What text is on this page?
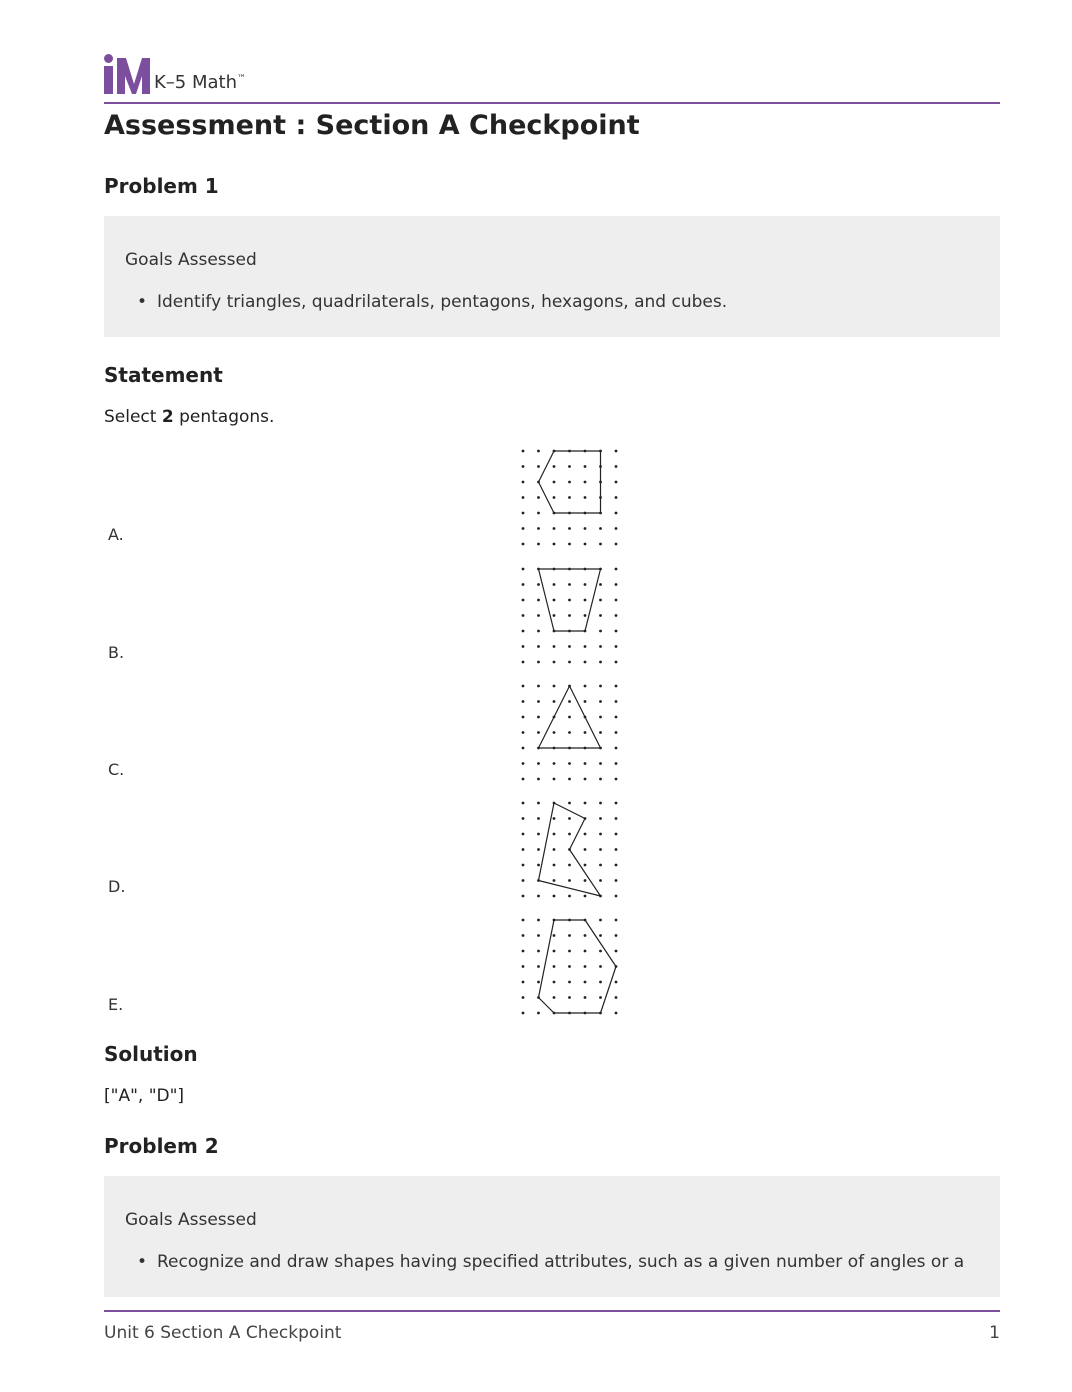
K–5 Math™
Assessment : Section A Checkpoint
Problem 1
Goals Assessed
• Identify triangles, quadrilaterals, pentagons, hexagons, and cubes.
Statement
Select 2 pentagons.
A.
B.
C.
D.
E.
Solution
["A", "D"]
Problem 2
Goals Assessed
• Recognize and draw shapes having specified attributes, such as a given number of angles or a
Unit 6 Section A Checkpoint	1
